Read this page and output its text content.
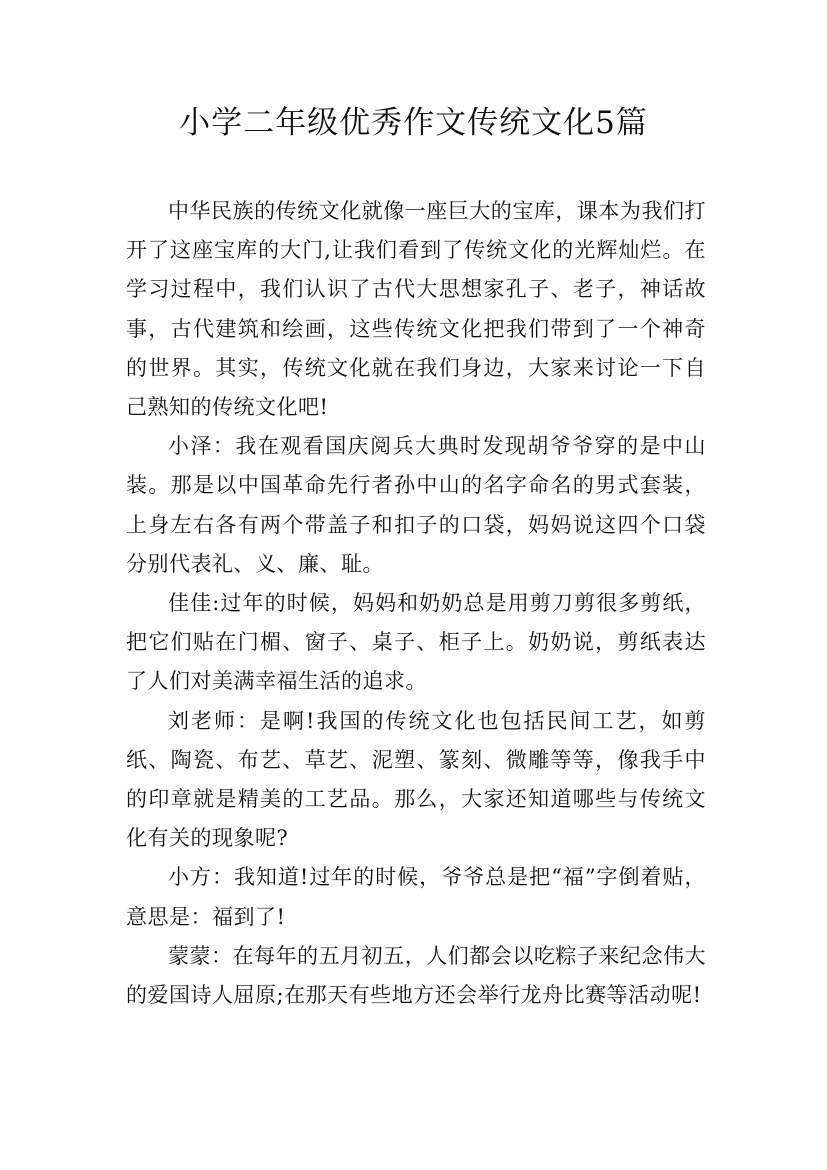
小学二年级优秀作文传统文化5篇

中华民族的传统文化就像一座巨大的宝库，课本为我们打开了这座宝库的大门,让我们看到了传统文化的光辉灿烂。在学习过程中，我们认识了古代大思想家孔子、老子，神话故事，古代建筑和绘画，这些传统文化把我们带到了一个神奇的世界。其实，传统文化就在我们身边，大家来讨论一下自己熟知的传统文化吧!

小泽：我在观看国庆阅兵大典时发现胡爷爷穿的是中山装。那是以中国革命先行者孙中山的名字命名的男式套装，上身左右各有两个带盖子和扣子的口袋，妈妈说这四个口袋分别代表礼、义、廉、耻。

佳佳:过年的时候，妈妈和奶奶总是用剪刀剪很多剪纸，把它们贴在门楣、窗子、桌子、柜子上。奶奶说，剪纸表达了人们对美满幸福生活的追求。

刘老师：是啊!我国的传统文化也包括民间工艺，如剪纸、陶瓷、布艺、草艺、泥塑、篆刻、微雕等等，像我手中的印章就是精美的工艺品。那么，大家还知道哪些与传统文化有关的现象呢?

小方：我知道!过年的时候，爷爷总是把“福”字倒着贴，意思是：福到了!

蒙蒙：在每年的五月初五，人们都会以吃粽子来纪念伟大的爱国诗人屈原;在那天有些地方还会举行龙舟比赛等活动呢!
